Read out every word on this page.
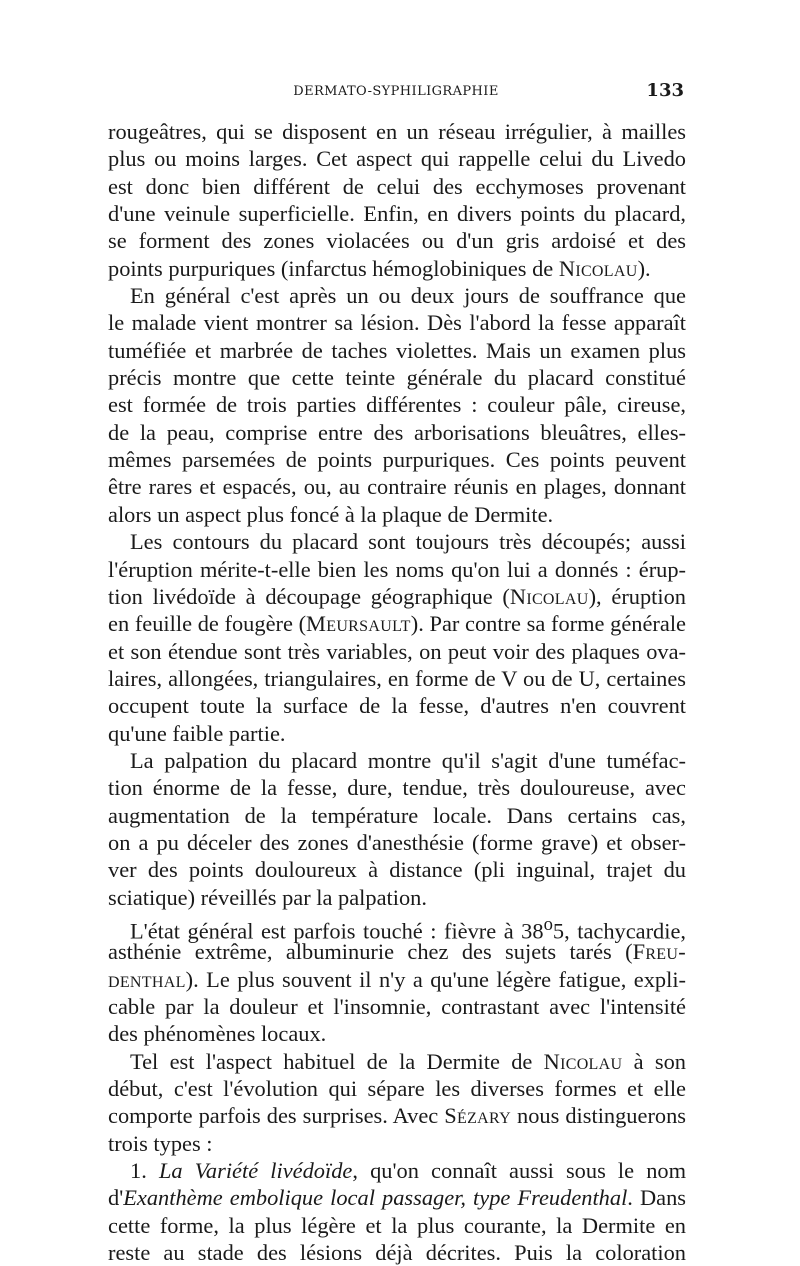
DERMATO-SYPHILIGRAPHIE	133
rougeâtres, qui se disposent en un réseau irrégulier, à mailles
plus ou moins larges. Cet aspect qui rappelle celui du Livedo
est donc bien différent de celui des ecchymoses provenant
d'une veinule superficielle. Enfin, en divers points du placard,
se forment des zones violacées ou d'un gris ardoisé et des
points purpuriques (infarctus hémoglobiniques de Nicolau).
En général c'est après un ou deux jours de souffrance que
le malade vient montrer sa lésion. Dès l'abord la fesse apparaît
tuméfiée et marbrée de taches violettes. Mais un examen plus
précis montre que cette teinte générale du placard constitué
est formée de trois parties différentes : couleur pâle, cireuse,
de la peau, comprise entre des arborisations bleuâtres, elles-
mêmes parsemées de points purpuriques. Ces points peuvent
être rares et espacés, ou, au contraire réunis en plages, donnant
alors un aspect plus foncé à la plaque de Dermite.
Les contours du placard sont toujours très découpés; aussi
l'éruption mérite-t-elle bien les noms qu'on lui a donnés : érup-
tion livédoïde à découpage géographique (Nicolau), éruption
en feuille de fougère (Meursault). Par contre sa forme générale
et son étendue sont très variables, on peut voir des plaques ova-
laires, allongées, triangulaires, en forme de V ou de U, certaines
occupent toute la surface de la fesse, d'autres n'en couvrent
qu'une faible partie.
La palpation du placard montre qu'il s'agit d'une tuméfac-
tion énorme de la fesse, dure, tendue, très douloureuse, avec
augmentation de la température locale. Dans certains cas,
on a pu déceler des zones d'anesthésie (forme grave) et obser-
ver des points douloureux à distance (pli inguinal, trajet du
sciatique) réveillés par la palpation.
L'état général est parfois touché : fièvre à 38$^o$5, tachycardie,
asthénie extrême, albuminurie chez des sujets tarés (Freu-
denthal). Le plus souvent il n'y a qu'une légère fatigue, expli-
cable par la douleur et l'insomnie, contrastant avec l'intensité
des phénomènes locaux.
Tel est l'aspect habituel de la Dermite de Nicolau à son
début, c'est l'évolution qui sépare les diverses formes et elle
comporte parfois des surprises. Avec Sézary nous distinguerons
trois types :
1. La Variété livédoïde, qu'on connaît aussi sous le nom
d'Exanthème embolique local passager, type Freudenthal. Dans
cette forme, la plus légère et la plus courante, la Dermite en
reste au stade des lésions déjà décrites. Puis la coloration
